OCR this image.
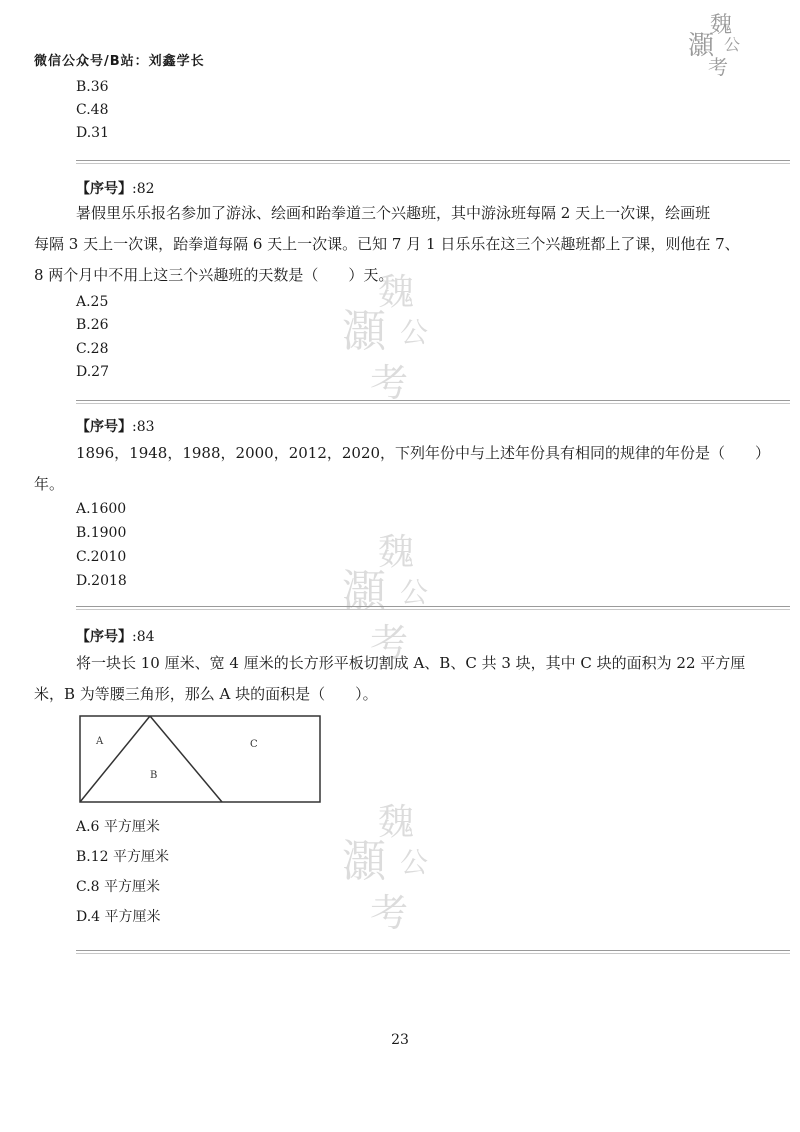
微信公众号/B站：刘鑫学长
魏
灝 公
考
魏
灝 公
考
魏
灝 公
考
魏
灝 公
考
B.36
C.48
D.31
【序号】:82
暑假里乐乐报名参加了游泳、绘画和跆拳道三个兴趣班，其中游泳班每隔 2 天上一次课，绘画班
每隔 3 天上一次课，跆拳道每隔 6 天上一次课。已知 7 月 1 日乐乐在这三个兴趣班都上了课，则他在 7、
8 两个月中不用上这三个兴趣班的天数是（　　）天。
A.25
B.26
C.28
D.27
【序号】:83
1896，1948，1988，2000，2012，2020，下列年份中与上述年份具有相同的规律的年份是（　　）
年。
A.1600
B.1900
C.2010
D.2018
【序号】:84
将一块长 10 厘米、宽 4 厘米的长方形平板切割成 A、B、C 共 3 块，其中 C 块的面积为 22 平方厘
米，B 为等腰三角形，那么 A 块的面积是（　　）。
A
B
C
A.6 平方厘米
B.12 平方厘米
C.8 平方厘米
D.4 平方厘米
23
